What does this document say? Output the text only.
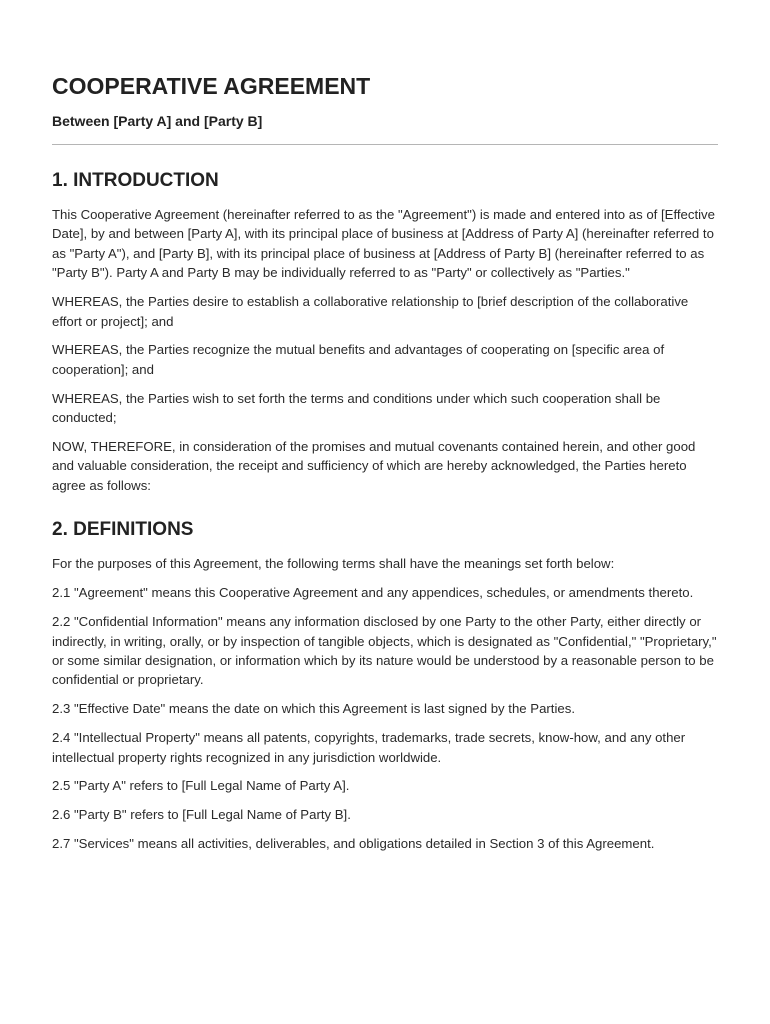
COOPERATIVE AGREEMENT

Between [Party A] and [Party B]

1. INTRODUCTION

This Cooperative Agreement (hereinafter referred to as the "Agreement") is made and entered into as of [Effective Date], by and between [Party A], with its principal place of business at [Address of Party A] (hereinafter referred to as "Party A"), and [Party B], with its principal place of business at [Address of Party B] (hereinafter referred to as "Party B"). Party A and Party B may be individually referred to as "Party" or collectively as "Parties."

WHEREAS, the Parties desire to establish a collaborative relationship to [brief description of the collaborative effort or project]; and

WHEREAS, the Parties recognize the mutual benefits and advantages of cooperating on [specific area of cooperation]; and

WHEREAS, the Parties wish to set forth the terms and conditions under which such cooperation shall be conducted;

NOW, THEREFORE, in consideration of the promises and mutual covenants contained herein, and other good and valuable consideration, the receipt and sufficiency of which are hereby acknowledged, the Parties hereto agree as follows:

2. DEFINITIONS

For the purposes of this Agreement, the following terms shall have the meanings set forth below:

2.1 "Agreement" means this Cooperative Agreement and any appendices, schedules, or amendments thereto.

2.2 "Confidential Information" means any information disclosed by one Party to the other Party, either directly or indirectly, in writing, orally, or by inspection of tangible objects, which is designated as "Confidential," "Proprietary," or some similar designation, or information which by its nature would be understood by a reasonable person to be confidential or proprietary.

2.3 "Effective Date" means the date on which this Agreement is last signed by the Parties.

2.4 "Intellectual Property" means all patents, copyrights, trademarks, trade secrets, know-how, and any other intellectual property rights recognized in any jurisdiction worldwide.

2.5 "Party A" refers to [Full Legal Name of Party A].

2.6 "Party B" refers to [Full Legal Name of Party B].

2.7 "Services" means all activities, deliverables, and obligations detailed in Section 3 of this Agreement.
